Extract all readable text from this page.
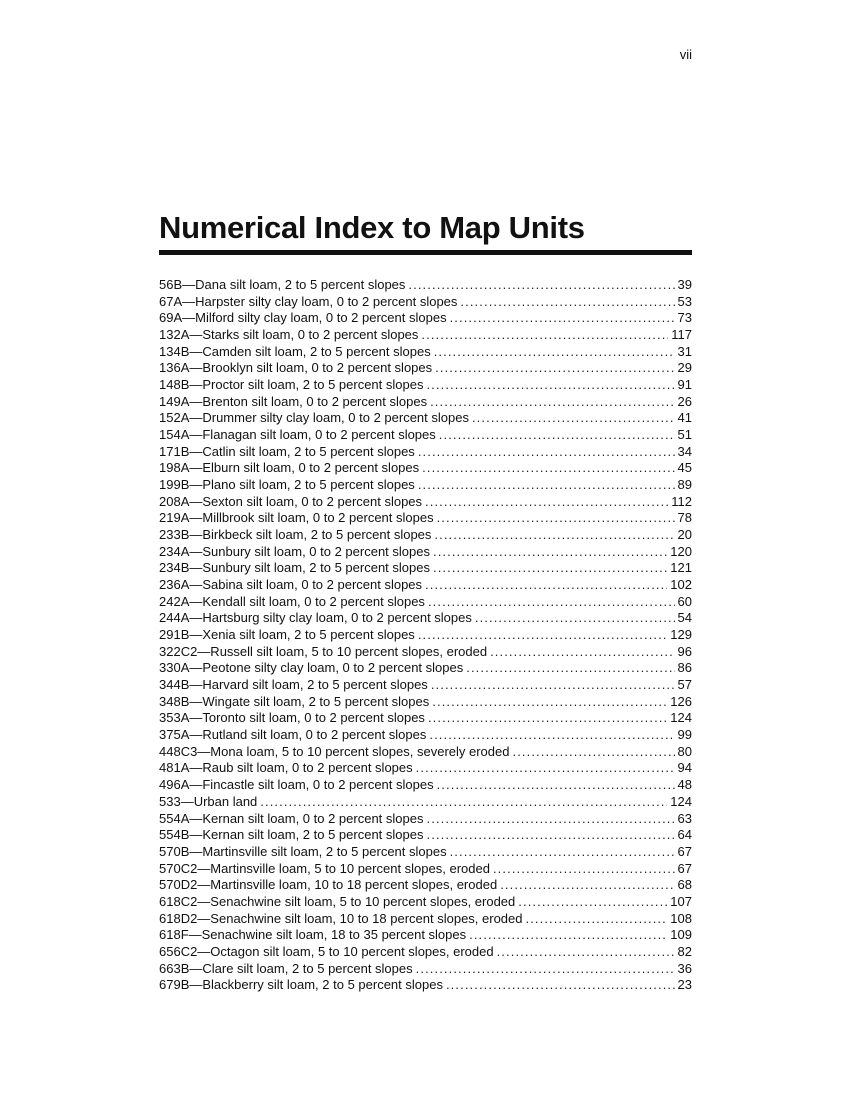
vii
Numerical Index to Map Units
56B—Dana silt loam, 2 to 5 percent slopes .....	39
67A—Harpster silty clay loam, 0 to 2 percent slopes .....	53
69A—Milford silty clay loam, 0 to 2 percent slopes .....	73
132A—Starks silt loam, 0 to 2 percent slopes .....	117
134B—Camden silt loam, 2 to 5 percent slopes .....	31
136A—Brooklyn silt loam, 0 to 2 percent slopes .....	29
148B—Proctor silt loam, 2 to 5 percent slopes .....	91
149A—Brenton silt loam, 0 to 2 percent slopes .....	26
152A—Drummer silty clay loam, 0 to 2 percent slopes .....	41
154A—Flanagan silt loam, 0 to 2 percent slopes .....	51
171B—Catlin silt loam, 2 to 5 percent slopes .....	34
198A—Elburn silt loam, 0 to 2 percent slopes .....	45
199B—Plano silt loam, 2 to 5 percent slopes .....	89
208A—Sexton silt loam, 0 to 2 percent slopes .....	112
219A—Millbrook silt loam, 0 to 2 percent slopes .....	78
233B—Birkbeck silt loam, 2 to 5 percent slopes .....	20
234A—Sunbury silt loam, 0 to 2 percent slopes .....	120
234B—Sunbury silt loam, 2 to 5 percent slopes .....	121
236A—Sabina silt loam, 0 to 2 percent slopes .....	102
242A—Kendall silt loam, 0 to 2 percent slopes .....	60
244A—Hartsburg silty clay loam, 0 to 2 percent slopes .....	54
291B—Xenia silt loam, 2 to 5 percent slopes .....	129
322C2—Russell silt loam, 5 to 10 percent slopes, eroded .....	96
330A—Peotone silty clay loam, 0 to 2 percent slopes .....	86
344B—Harvard silt loam, 2 to 5 percent slopes .....	57
348B—Wingate silt loam, 2 to 5 percent slopes .....	126
353A—Toronto silt loam, 0 to 2 percent slopes .....	124
375A—Rutland silt loam, 0 to 2 percent slopes .....	99
448C3—Mona loam, 5 to 10 percent slopes, severely eroded .....	80
481A—Raub silt loam, 0 to 2 percent slopes .....	94
496A—Fincastle silt loam, 0 to 2 percent slopes .....	48
533—Urban land .....	124
554A—Kernan silt loam, 0 to 2 percent slopes .....	63
554B—Kernan silt loam, 2 to 5 percent slopes .....	64
570B—Martinsville silt loam, 2 to 5 percent slopes .....	67
570C2—Martinsville loam, 5 to 10 percent slopes, eroded .....	67
570D2—Martinsville loam, 10 to 18 percent slopes, eroded .....	68
618C2—Senachwine silt loam, 5 to 10 percent slopes, eroded .....	107
618D2—Senachwine silt loam, 10 to 18 percent slopes, eroded .....	108
618F—Senachwine silt loam, 18 to 35 percent slopes .....	109
656C2—Octagon silt loam, 5 to 10 percent slopes, eroded .....	82
663B—Clare silt loam, 2 to 5 percent slopes .....	36
679B—Blackberry silt loam, 2 to 5 percent slopes .....	23
